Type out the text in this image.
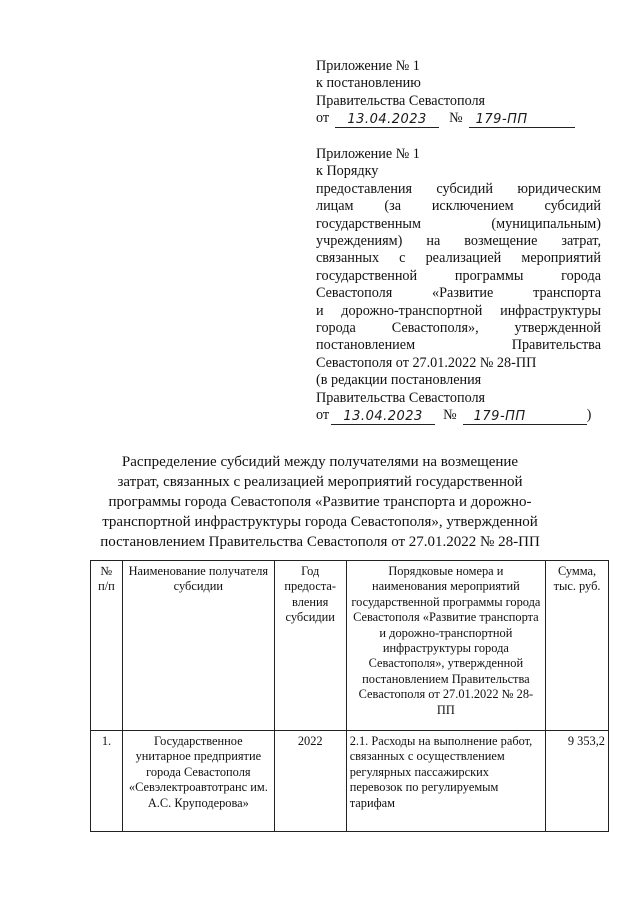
Приложение № 1
к постановлению
Правительства Севастополя
от	13.04.2023	№ 179-ПП
Приложение № 1
к Порядку
предоставления субсидий юридическим
лицам (за исключением субсидий
государственным (муниципальным)
учреждениям) на возмещение затрат,
связанных с реализацией мероприятий
государственной программы города
Севастополя «Развитие транспорта
и дорожно-транспортной инфраструктуры
города Севастополя», утвержденной
постановлением Правительства
Севастополя от 27.01.2022 № 28-ПП
(в редакции постановления
Правительства Севастополя
от	13.04.2023	№	179-ПП	)
Распределение субсидий между получателями на возмещение затрат, связанных с реализацией мероприятий государственной программы города Севастополя «Развитие транспорта и дорожно-транспортной инфраструктуры города Севастополя», утвержденной постановлением Правительства Севастополя от 27.01.2022 № 28-ПП
№ п/п	Наименование получателя субсидии	Год предоста-вления субсидии	Порядковые номера и наименования мероприятий государственной программы города Севастополя «Развитие транспорта и дорожно-транспортной инфраструктуры города Севастополя», утвержденной постановлением Правительства Севастополя от 27.01.2022 № 28-ПП	Сумма, тыс. руб.
1.	Государственное унитарное предприятие города Севастополя «Севэлектроавтотранс им. А.С. Круподерова»	2022	2.1. Расходы на выполнение работ, связанных с осуществлением регулярных пассажирских перевозок по регулируемым тарифам	9 353,2
